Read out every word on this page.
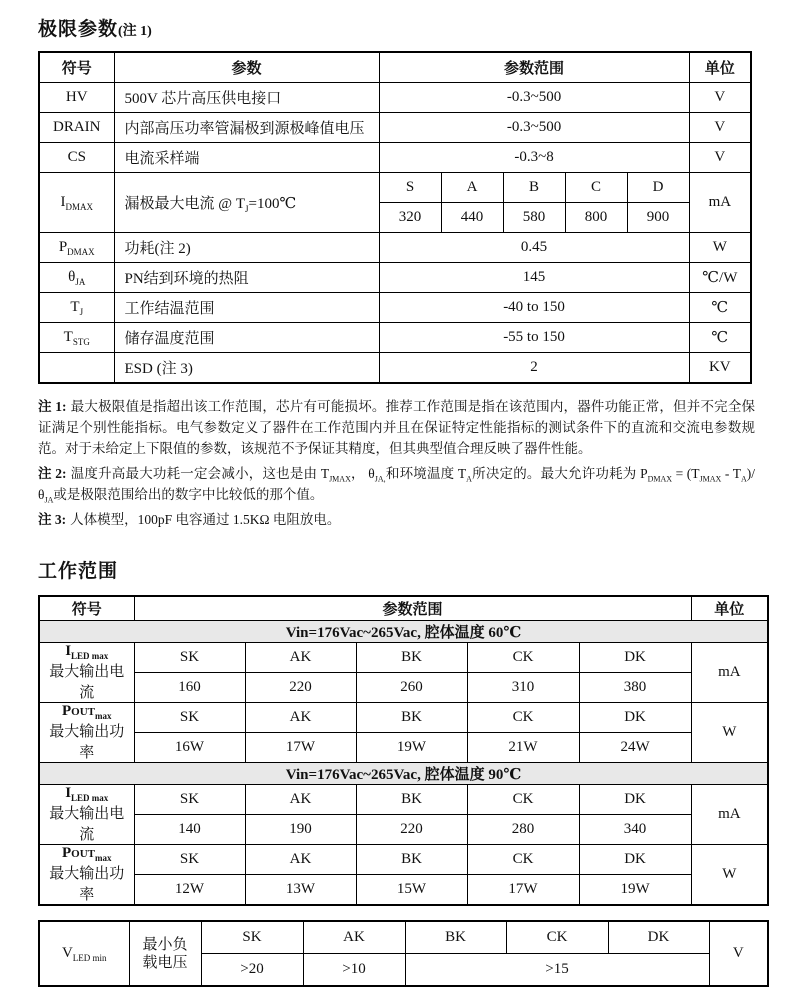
极限参数(注 1)
符号	参数	参数范围					单位
HV	500V 芯片高压供电接口	-0.3~500					V
DRAIN	内部高压功率管漏极到源极峰值电压	-0.3~500					V
CS	电流采样端	-0.3~8					V
$I_{DMAX}$	漏极最大电流 @ $T_J=100℃$	S	A	B	C	D	mA
		320	440	580	800	900	
$P_{DMAX}$	功耗(注 2)	0.45					W
$\theta_{JA}$	PN结到环境的热阻	145					℃/W
$T_J$	工作结温范围	-40 to 150					℃
$T_{STG}$	储存温度范围	-55 to 150					℃
	ESD (注 3)	2					KV

注 1: 最大极限值是指超出该工作范围，芯片有可能损坏。推荐工作范围是指在该范围内，器件功能正常，但并不完全保证满足个别性能指标。电气参数定义了器件在工作范围内并且在保证特定性能指标的测试条件下的直流和交流电参数规范。对于未给定上下限值的参数，该规范不予保证其精度，但其典型值合理反映了器件性能。

注 2: 温度升高最大功耗一定会减小，这也是由 $T_{JMAX}$， $\theta_{JA,}$和环境温度 $T_A$所决定的。最大允许功耗为 $P_{DMAX} = (T_{JMAX} - T_A)/\theta_{JA}$或是极限范围给出的数字中比较低的那个值。

注 3: 人体模型，100pF 电容通过 1.5KΩ 电阻放电。

工作范围
符号	参数范围					单位
Vin=176Vac~265Vac, 腔体温度 60℃						

$I_{LED max}$
最大输出电流	SK	AK	BK	CK	DK	mA
	160	220	260	310	380	

$POUT_{max}$
最大输出功率	SK	AK	BK	CK	DK	W
	16W	17W	19W	21W	24W	
Vin=176Vac~265Vac, 腔体温度 90℃						

$I_{LED max}$
最大输出电流	SK	AK	BK	CK	DK	mA
	140	190	220	280	340	

$POUT_{max}$
最大输出功率	SK	AK	BK	CK	DK	W
	12W	13W	15W	17W	19W	
$V_{LED min}$	最小负
载电压	SK	AK	BK	CK	DK	V
		>20	>10	>15			
